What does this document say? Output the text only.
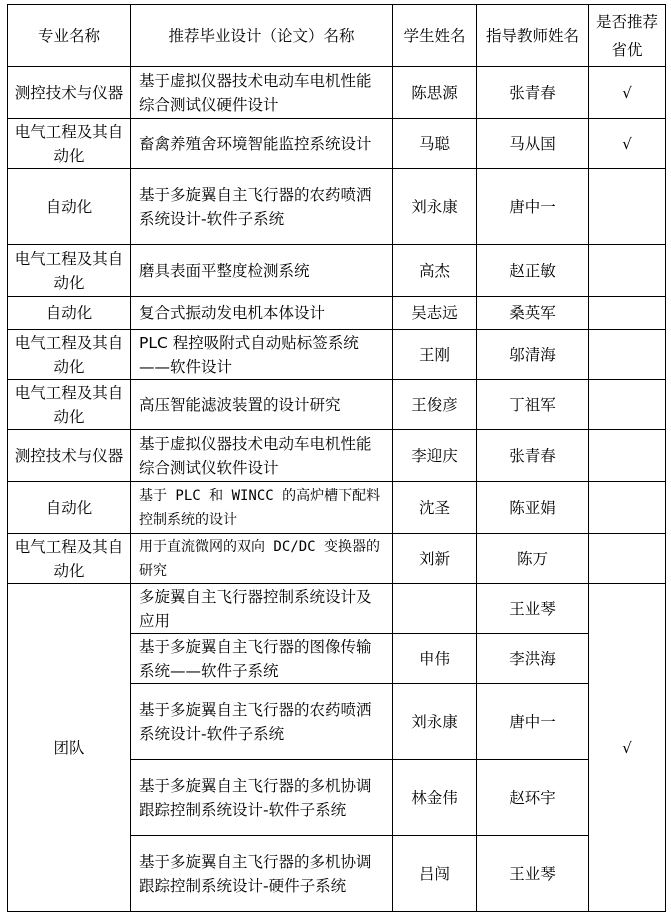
专业名称	推荐毕业设计（论文）名称	学生姓名	指导教师姓名	是否推荐省优
测控技术与仪器	基于虚拟仪器技术电动车电机性能综合测试仪硬件设计	陈思源	张青春	√
电气工程及其自动化	畜禽养殖舍环境智能监控系统设计	马聪	马从国	√
自动化	基于多旋翼自主飞行器的农药喷洒系统设计-软件子系统	刘永康	唐中一	
电气工程及其自动化	磨具表面平整度检测系统	高杰	赵正敏	
自动化	复合式振动发电机本体设计	吴志远	桑英军	
电气工程及其自动化	PLC 程控吸附式自动贴标签系统——软件设计	王刚	邬清海	
电气工程及其自动化	高压智能滤波装置的设计研究	王俊彦	丁祖军	
测控技术与仪器	基于虚拟仪器技术电动车电机性能综合测试仪软件设计	李迎庆	张青春	
自动化	基于 PLC 和 WINCC 的高炉槽下配料控制系统的设计	沈圣	陈亚娟	
电气工程及其自动化	用于直流微网的双向 DC/DC 变换器的研究	刘新	陈万	
团队	多旋翼自主飞行器控制系统设计及应用		王业琴	√
	基于多旋翼自主飞行器的图像传输系统——软件子系统	申伟	李洪海	
	基于多旋翼自主飞行器的农药喷洒系统设计-软件子系统	刘永康	唐中一	
	基于多旋翼自主飞行器的多机协调跟踪控制系统设计-软件子系统	林金伟	赵环宇	
	基于多旋翼自主飞行器的多机协调跟踪控制系统设计-硬件子系统	吕闯	王业琴	
